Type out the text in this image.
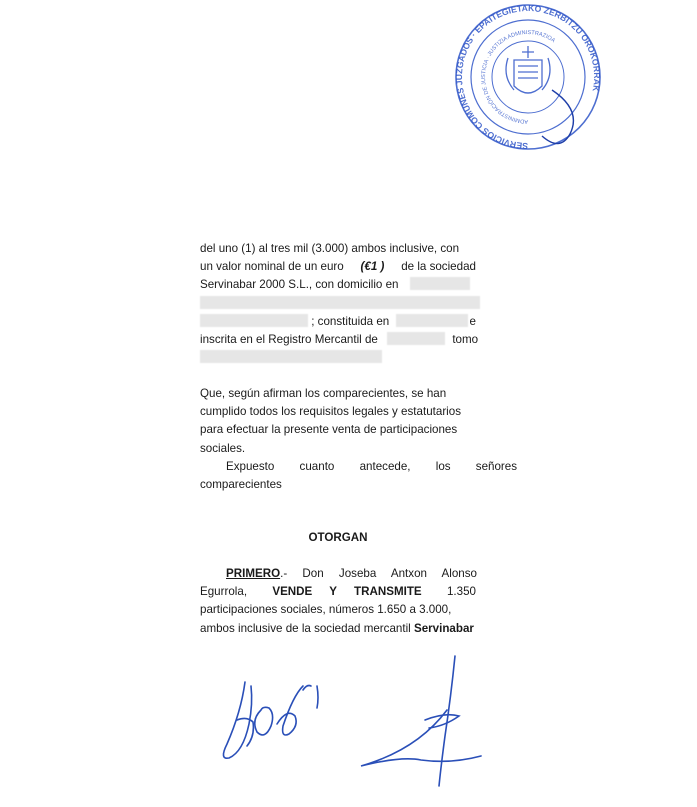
SERVICIOS COMUNES JUZGADOS · EPAITEGIETAKO ZERBITZU OROKORRAK
ADMINISTRACIÓN DE JUSTICIA · JUSTIZIA ADMINISTRAZIOA
del uno (1) al tres mil (3.000) ambos inclusive, con
un valor nominal de un euro (€1 ) de la sociedad
Servinabar 2000 S.L., con domicilio en
; constituida en	e
inscrita en el Registro Mercantil de	tomo
Que, según afirman los comparecientes, se han
cumplido todos los requisitos legales y estatutarios
para efectuar la presente venta de participaciones
sociales.
Expuesto cuanto antecede, los señores
comparecientes
OTORGAN
PRIMERO.- Don Joseba Antxon Alonso
Egurrola, VENDE Y TRANSMITE 1.350
participaciones sociales, números 1.650 a 3.000,
ambos inclusive de la sociedad mercantil Servinabar
